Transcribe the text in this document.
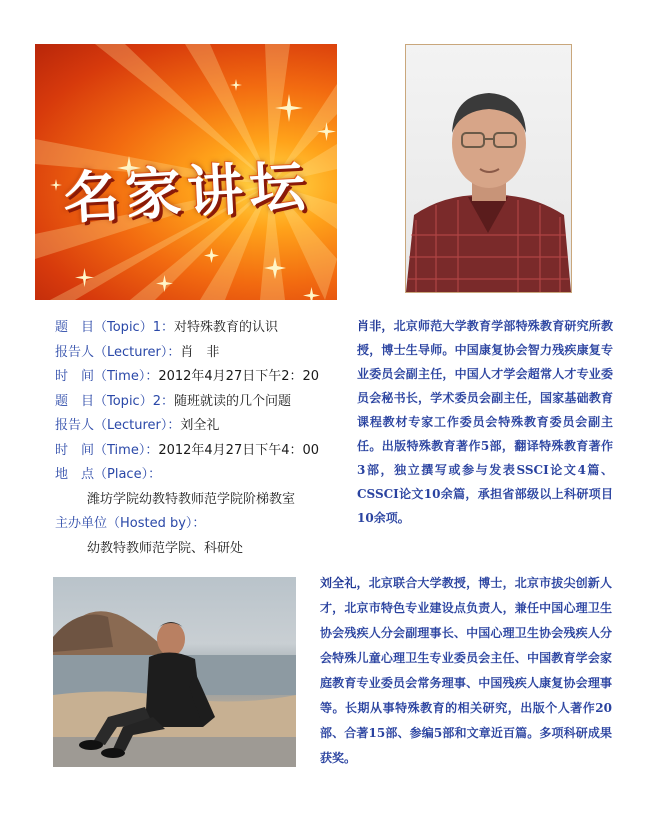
名家讲坛
题　目（Topic）1：对特殊教育的认识
报告人（Lecturer）：肖　非
时　间（Time）：2012年4月27日下午2：20
题　目（Topic）2：随班就读的几个问题
报告人（Lecturer）：刘全礼
时　间（Time）：2012年4月27日下午4：00
地　点（Place）：
潍坊学院幼教特教师范学院阶梯教室
主办单位（Hosted by）：
幼教特教师范学院、科研处
肖非，北京师范大学教育学部特殊教育研究所教授，博士生导师。中国康复协会智力残疾康复专业委员会副主任，中国人才学会超常人才专业委员会秘书长，学术委员会副主任，国家基础教育课程教材专家工作委员会特殊教育委员会副主任。出版特殊教育著作5部，翻译特殊教育著作3部，独立撰写或参与发表SSCI论文4篇、CSSCI论文10余篇，承担省部级以上科研项目10余项。
刘全礼，北京联合大学教授，博士，北京市拔尖创新人才，北京市特色专业建设点负责人，兼任中国心理卫生协会残疾人分会副理事长、中国心理卫生协会残疾人分会特殊儿童心理卫生专业委员会主任、中国教育学会家庭教育专业委员会常务理事、中国残疾人康复协会理事等。长期从事特殊教育的相关研究，出版个人著作20部、合著15部、参编5部和文章近百篇。多项科研成果获奖。
